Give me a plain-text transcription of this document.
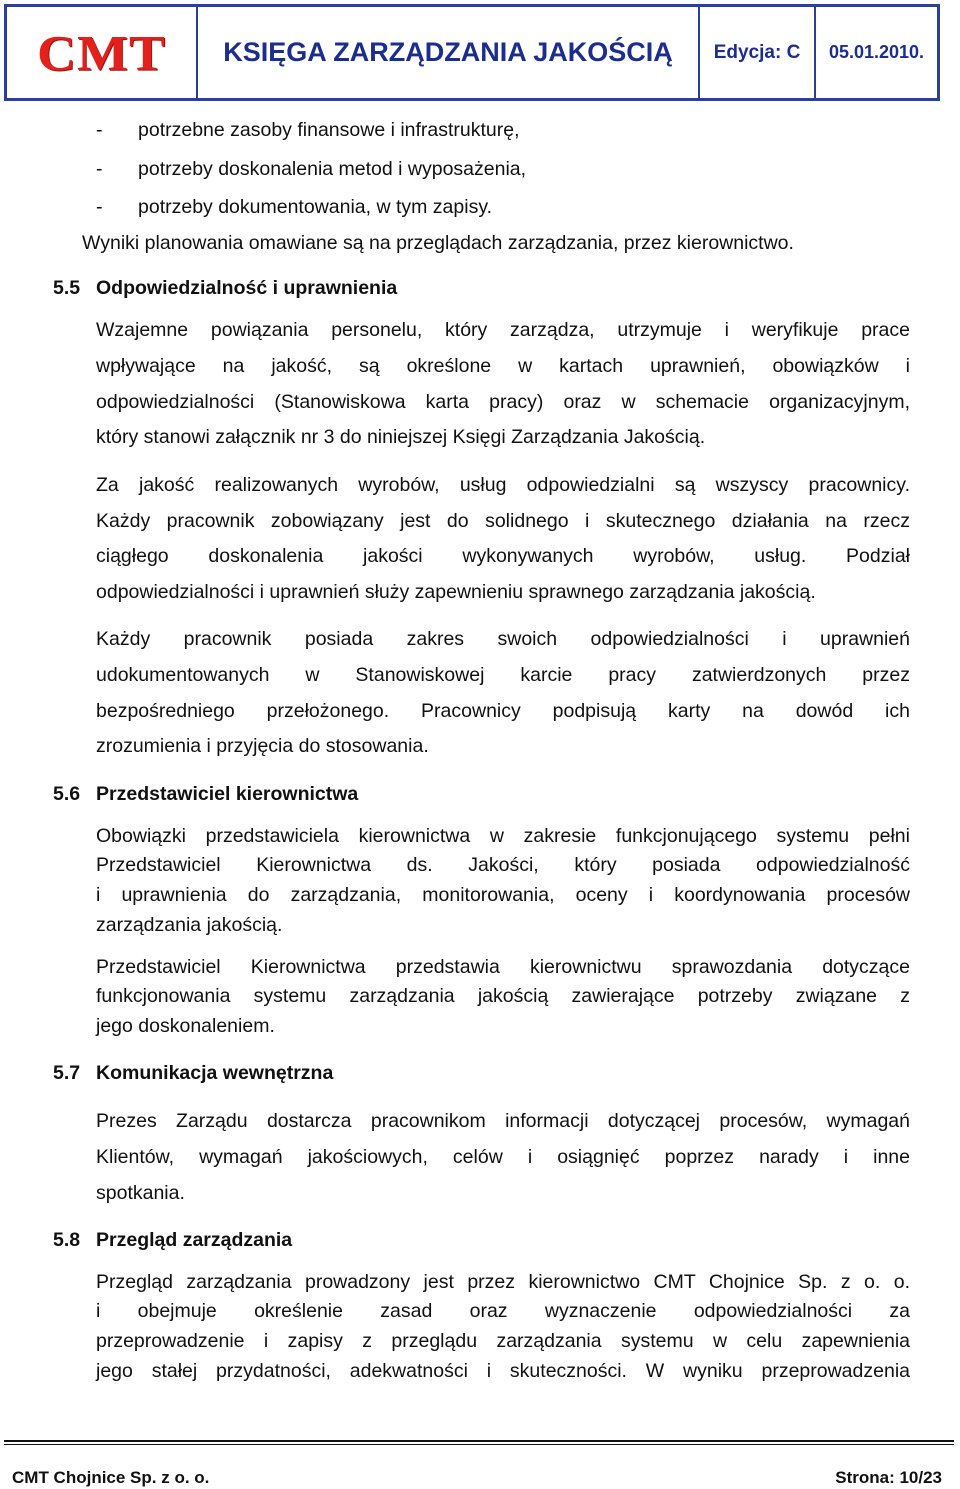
CMT KSIĘGA ZARZĄDZANIA JAKOŚCIĄ Edycja: C 05.01.2010.
- potrzebne zasoby finansowe i infrastrukturę,
- potrzeby doskonalenia metod i wyposażenia,
- potrzeby dokumentowania, w tym zapisy.
Wyniki planowania omawiane są na przeglądach zarządzania, przez kierownictwo.
5.5 Odpowiedzialność i uprawnienia
Wzajemne powiązania personelu, który zarządza, utrzymuje i weryfikuje prace
wpływające na jakość, są określone w kartach uprawnień, obowiązków i
odpowiedzialności (Stanowiskowa karta pracy) oraz w schemacie organizacyjnym,
który stanowi załącznik nr 3 do niniejszej Księgi Zarządzania Jakością.
Za jakość realizowanych wyrobów, usług odpowiedzialni są wszyscy pracownicy.
Każdy pracownik zobowiązany jest do solidnego i skutecznego działania na rzecz
ciągłego doskonalenia jakości wykonywanych wyrobów, usług. Podział
odpowiedzialności i uprawnień służy zapewnieniu sprawnego zarządzania jakością.
Każdy pracownik posiada zakres swoich odpowiedzialności i uprawnień
udokumentowanych w Stanowiskowej karcie pracy zatwierdzonych przez
bezpośredniego przełożonego. Pracownicy podpisują karty na dowód ich
zrozumienia i przyjęcia do stosowania.
5.6 Przedstawiciel kierownictwa
Obowiązki przedstawiciela kierownictwa w zakresie funkcjonującego systemu pełni
Przedstawiciel Kierownictwa ds. Jakości, który posiada odpowiedzialność
i uprawnienia do zarządzania, monitorowania, oceny i koordynowania procesów
zarządzania jakością.
Przedstawiciel Kierownictwa przedstawia kierownictwu sprawozdania dotyczące
funkcjonowania systemu zarządzania jakością zawierające potrzeby związane z
jego doskonaleniem.
5.7 Komunikacja wewnętrzna
Prezes Zarządu dostarcza pracownikom informacji dotyczącej procesów, wymagań
Klientów, wymagań jakościowych, celów i osiągnięć poprzez narady i inne
spotkania.
5.8 Przegląd zarządzania
Przegląd zarządzania prowadzony jest przez kierownictwo CMT Chojnice Sp. z o. o.
i obejmuje określenie zasad oraz wyznaczenie odpowiedzialności za
przeprowadzenie i zapisy z przeglądu zarządzania systemu w celu zapewnienia
jego stałej przydatności, adekwatności i skuteczności. W wyniku przeprowadzenia
CMT Chojnice Sp. z o. o.	Strona: 10/23
